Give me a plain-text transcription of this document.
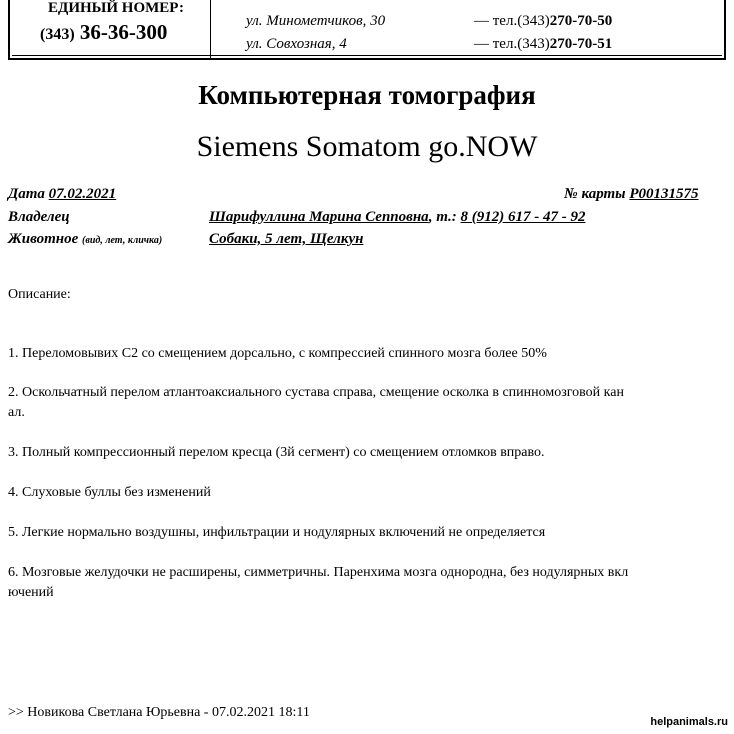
ЕДИНЫЙ НОМЕР:
(343) 36-36-300	ул. Минометчиков, 30	— тел.(343)270-70-50
ул. Совхозная, 4	— тел.(343)270-70-51
Компьютерная томография
Siemens Somatom go.NOW
Дата 07.02.2021	№ карты P00131575
Владелец	Шарифуллина Марина Сепповна, т.: 8 (912) 617 - 47 - 92
Животное (вид, лет, кличка)	Собаки, 5 лет, Щелкун
Описание:
1. Переломовывих С2 со смещением дорсально, с компрессией спинного мозга более 50%
2. Оскольчатный перелом атлантоаксиального сустава справа, смещение осколка в спинномозговой кан
ал.
3. Полный компрессионный перелом кресца (3й сегмент) со смещением отломков вправо.
4. Слуховые буллы без изменений
5. Легкие нормально воздушны, инфильтрации и нодулярных включений не определяется
6. Мозговые желудочки не расширены, симметричны. Паренхима мозга однородна, без нодулярных вкл
ючений
>> Новикова Светлана Юрьевна - 07.02.2021 18:11
helpanimals.ru
